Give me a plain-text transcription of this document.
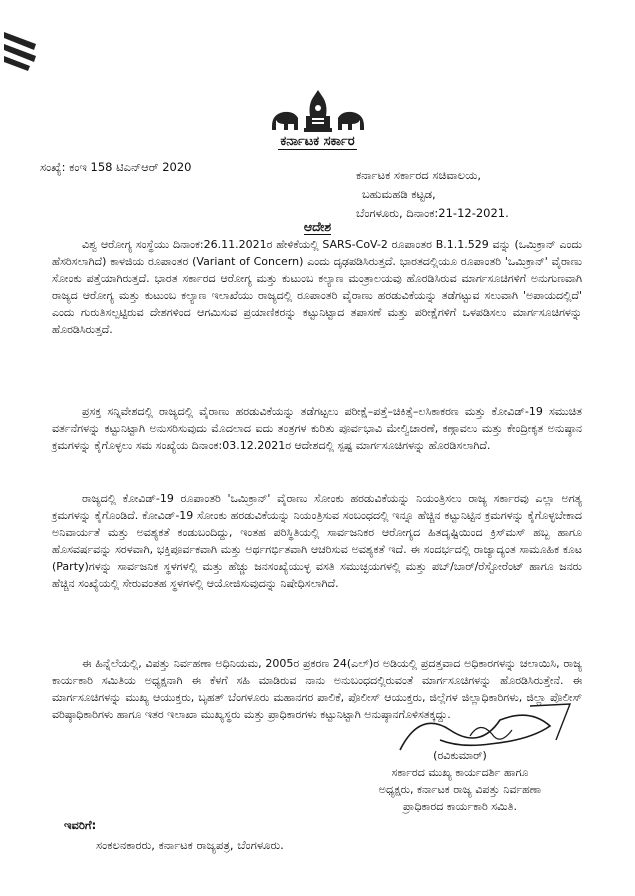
ಕರ್ನಾಟಕ ಸರ್ಕಾರ
ಸಂಖ್ಯೆ: ಕಂಇ 158 ಟಿಎನ್ಆರ್ 2020
ಕರ್ನಾಟಕ ಸರ್ಕಾರದ ಸಚಿವಾಲಯ,
ಬಹುಮಹಡಿ ಕಟ್ಟಡ,
ಬೆಂಗಳೂರು, ದಿನಾಂಕ:21-12-2021.
ಆದೇಶ

ವಿಶ್ವ ಆರೋಗ್ಯ ಸಂಸ್ಥೆಯು ದಿನಾಂಕ:26.11.2021ರ ಹೇಳಿಕೆಯಲ್ಲಿ SARS-CoV-2 ರೂಪಾಂತರ B.1.1.529 ವನ್ನು (ಒಮಿಕ್ರಾನ್ ಎಂದು ಹೆಸರಿಸಲಾಗಿದೆ) ಕಾಳಜಿಯ ರೂಪಾಂತರ (Variant of Concern) ಎಂದು ದೃಢಪಡಿಸಿರುತ್ತದೆ. ಭಾರತದಲ್ಲಿಯೂ ರೂಪಾಂತರಿ 'ಒಮಿಕ್ರಾನ್' ವೈರಾಣು ಸೋಂಕು ಪತ್ತೆಯಾಗಿರುತ್ತದೆ. ಭಾರತ ಸರ್ಕಾರದ ಆರೋಗ್ಯ ಮತ್ತು ಕುಟುಂಬ ಕಲ್ಯಾಣ ಮಂತ್ರಾಲಯವು ಹೊರಡಿಸಿರುವ ಮಾರ್ಗಸೂಚಿಗಳಿಗೆ ಅನುಗುಣವಾಗಿ ರಾಜ್ಯದ ಆರೋಗ್ಯ ಮತ್ತು ಕುಟುಂಬ ಕಲ್ಯಾಣ ಇಲಾಖೆಯು ರಾಜ್ಯದಲ್ಲಿ ರೂಪಾಂತರಿ ವೈರಾಣು ಹರಡುವಿಕೆಯನ್ನು ತಡೆಗಟ್ಟುವ ಸಲುವಾಗಿ 'ಅಪಾಯದಲ್ಲಿದೆ' ಎಂದು ಗುರುತಿಸಲ್ಪಟ್ಟಿರುವ ದೇಶಗಳಿಂದ ಆಗಮಿಸುವ ಪ್ರಯಾಣಿಕರನ್ನು ಕಟ್ಟುನಿಟ್ಟಾದ ತಪಾಸಣೆ ಮತ್ತು ಪರೀಕ್ಷೆಗಳಿಗೆ ಒಳಪಡಿಸಲು ಮಾರ್ಗಸೂಚಿಗಳನ್ನು ಹೊರಡಿಸಿರುತ್ತದೆ.

ಪ್ರಸಕ್ತ ಸನ್ನಿವೇಶದಲ್ಲಿ ರಾಜ್ಯದಲ್ಲಿ ವೈರಾಣು ಹರಡುವಿಕೆಯನ್ನು ತಡೆಗಟ್ಟಲು ಪರೀಕ್ಷೆ–ಪತ್ತೆ–ಚಿಕಿತ್ಸೆ–ಲಸಿಕಾಕರಣ ಮತ್ತು ಕೋವಿಡ್-19 ಸಮುಚಿತ ವರ್ತನೆಗಳನ್ನು ಕಟ್ಟುನಿಟ್ಟಾಗಿ ಅನುಸರಿಸುವುದು ಮೊದಲಾದ ಐದು ತಂತ್ರಗಳ ಕುರಿತು ಪೂರ್ವಭಾವಿ ಮೇಲ್ವಿಚಾರಣೆ, ಕಣ್ಗಾವಲು ಮತ್ತು ಕೇಂದ್ರೀಕೃತ ಅನುಷ್ಠಾನ ಕ್ರಮಗಳನ್ನು ಕೈಗೊಳ್ಳಲು ಸಮ ಸಂಖ್ಯೆಯ ದಿನಾಂಕ:03.12.2021ರ ಆದೇಶದಲ್ಲಿ ಸ್ಪಷ್ಟ ಮಾರ್ಗಸೂಚಿಗಳನ್ನು ಹೊರಡಿಸಲಾಗಿದೆ.

ರಾಜ್ಯದಲ್ಲಿ ಕೋವಿಡ್-19 ರೂಪಾಂತರಿ 'ಒಮಿಕ್ರಾನ್' ವೈರಾಣು ಸೋಂಕು ಹರಡುವಿಕೆಯನ್ನು ನಿಯಂತ್ರಿಸಲು ರಾಜ್ಯ ಸರ್ಕಾರವು ಎಲ್ಲಾ ಅಗತ್ಯ ಕ್ರಮಗಳನ್ನು ಕೈಗೊಂಡಿದೆ. ಕೋವಿಡ್-19 ಸೋಂಕು ಹರಡುವಿಕೆಯನ್ನು ನಿಯಂತ್ರಿಸುವ ಸಂಬಂಧದಲ್ಲಿ ಇನ್ನೂ ಹೆಚ್ಚಿನ ಕಟ್ಟುನಿಟ್ಟಿನ ಕ್ರಮಗಳನ್ನು ಕೈಗೊಳ್ಳಬೇಕಾದ ಅನಿವಾರ್ಯತೆ ಮತ್ತು ಅವಶ್ಯಕತೆ ಕಂಡುಬಂದಿದ್ದು, ಇಂತಹ ಪರಿಸ್ಥಿತಿಯಲ್ಲಿ ಸಾರ್ವಜನಿಕರ ಆರೋಗ್ಯದ ಹಿತದೃಷ್ಟಿಯಿಂದ ಕ್ರಿಸ್‌ಮಸ್ ಹಬ್ಬ ಹಾಗೂ ಹೊಸವರ್ಷವನ್ನು ಸರಳವಾಗಿ, ಭಕ್ತಿಪೂರ್ವಕವಾಗಿ ಮತ್ತು ಅರ್ಥಗರ್ಭಿತವಾಗಿ ಆಚರಿಸುವ ಅವಶ್ಯಕತೆ ಇದೆ. ಈ ಸಂದರ್ಭದಲ್ಲಿ ರಾಜ್ಯಾದ್ಯಂತ ಸಾಮೂಹಿಕ ಕೂಟ (Party)ಗಳನ್ನು ಸಾರ್ವಜನಿಕ ಸ್ಥಳಗಳಲ್ಲಿ ಮತ್ತು ಹೆಚ್ಚು ಜನಸಂಖ್ಯೆಯುಳ್ಳ ವಸತಿ ಸಮುಚ್ಛಯಗಳಲ್ಲಿ ಮತ್ತು ಪಬ್/ಬಾರ್/ರೆಸ್ಟೋರೆಂಟ್ ಹಾಗೂ ಜನರು ಹೆಚ್ಚಿನ ಸಂಖ್ಯೆಯಲ್ಲಿ ಸೇರುವಂತಹ ಸ್ಥಳಗಳಲ್ಲಿ ಆಯೋಜಿಸುವುದನ್ನು ನಿಷೇಧಿಸಲಾಗಿದೆ.

ಈ ಹಿನ್ನೆಲೆಯಲ್ಲಿ, ವಿಪತ್ತು ನಿರ್ವಹಣಾ ಅಧಿನಿಯಮ, 2005ರ ಪ್ರಕರಣ 24(ಎಲ್)ರ ಅಡಿಯಲ್ಲಿ ಪ್ರದತ್ತವಾದ ಅಧಿಕಾರಗಳನ್ನು ಚಲಾಯಿಸಿ, ರಾಜ್ಯ ಕಾರ್ಯಕಾರಿ ಸಮಿತಿಯ ಅಧ್ಯಕ್ಷನಾಗಿ ಈ ಕೆಳಗೆ ಸಹಿ ಮಾಡಿರುವ ನಾನು ಅನುಬಂಧದಲ್ಲಿರುವಂತೆ ಮಾರ್ಗಸೂಚಿಗಳನ್ನು ಹೊರಡಿಸಿರುತ್ತೇನೆ. ಈ ಮಾರ್ಗಸೂಚಿಗಳನ್ನು ಮುಖ್ಯ ಆಯುಕ್ತರು, ಬೃಹತ್ ಬೆಂಗಳೂರು ಮಹಾನಗರ ಪಾಲಿಕೆ, ಪೊಲೀಸ್ ಆಯುಕ್ತರು, ಜಿಲ್ಲೆಗಳ ಜಿಲ್ಲಾಧಿಕಾರಿಗಳು, ಜಿಲ್ಲಾ ಪೊಲೀಸ್ ವರಿಷ್ಠಾಧಿಕಾರಿಗಳು ಹಾಗೂ ಇತರ ಇಲಾಖಾ ಮುಖ್ಯಸ್ಥರು ಮತ್ತು ಪ್ರಾಧಿಕಾರಗಳು ಕಟ್ಟುನಿಟ್ಟಾಗಿ ಅನುಷ್ಠಾನಗೊಳಿಸತಕ್ಕದ್ದು.

(ರವಿಕುಮಾರ್)
ಸರ್ಕಾರದ ಮುಖ್ಯ ಕಾರ್ಯದರ್ಶಿ ಹಾಗೂ
ಅಧ್ಯಕ್ಷರು, ಕರ್ನಾಟಕ ರಾಜ್ಯ ವಿಪತ್ತು ನಿರ್ವಹಣಾ
ಪ್ರಾಧಿಕಾರದ ಕಾರ್ಯಕಾರಿ ಸಮಿತಿ.
ಇವರಿಗೆ:
ಸಂಕಲನಕಾರರು, ಕರ್ನಾಟಕ ರಾಜ್ಯಪತ್ರ, ಬೆಂಗಳೂರು.
